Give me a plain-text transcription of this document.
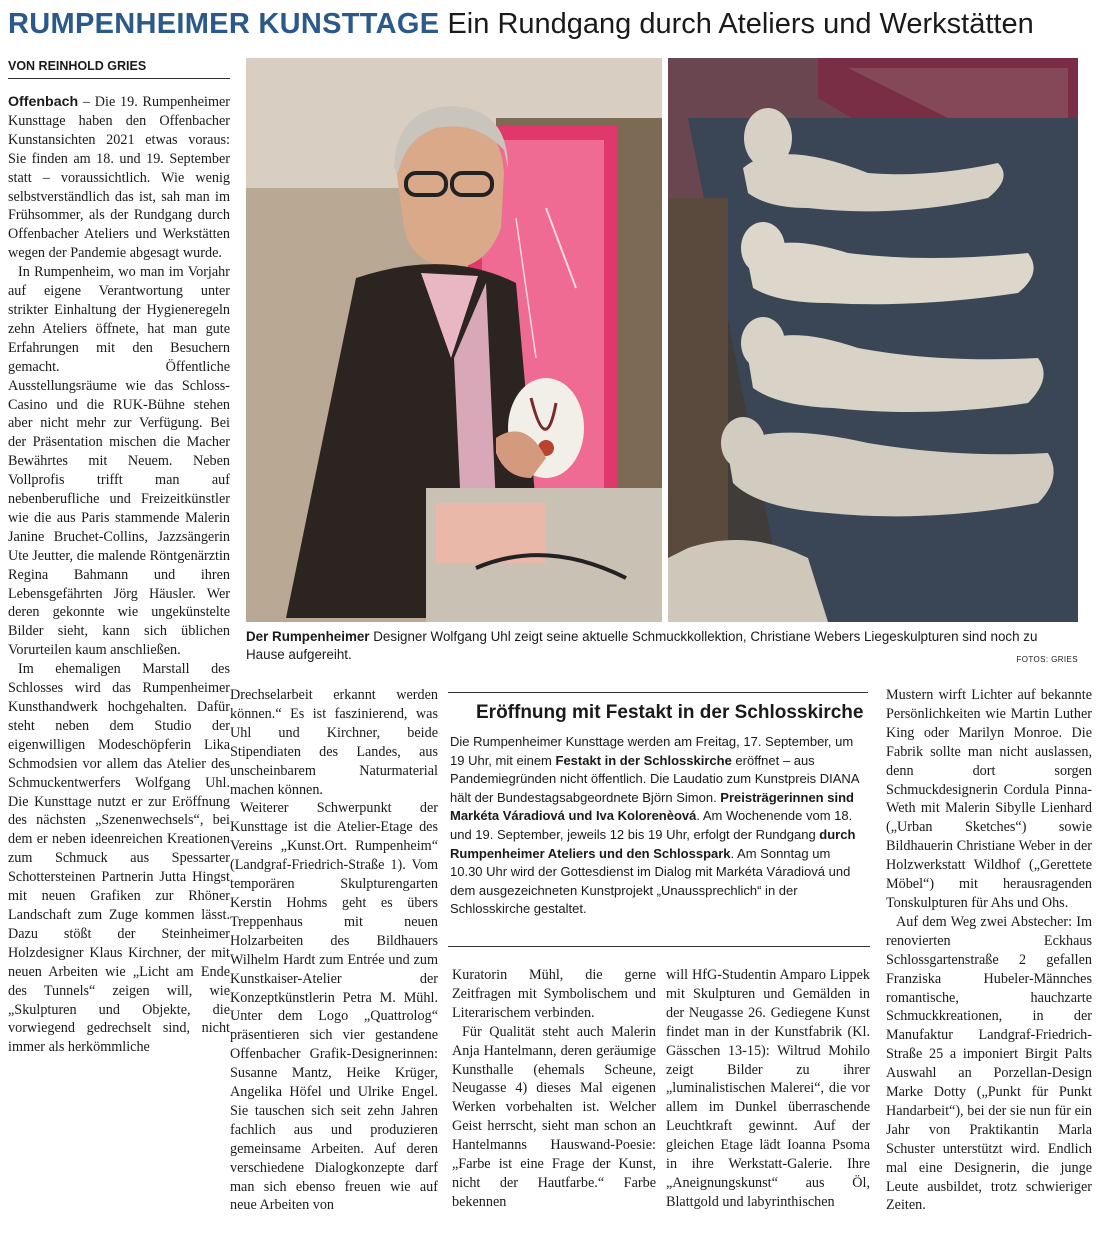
RUMPENHEIMER KUNSTTAGE Ein Rundgang durch Ateliers und Werkstätten
VON REINHOLD GRIES

Offenbach – Die 19. Rumpenheimer Kunsttage haben den Offenbacher Kunstansichten 2021 etwas voraus: Sie finden am 18. und 19. September statt – voraussichtlich. Wie wenig selbstverständlich das ist, sah man im Frühsommer, als der Rundgang durch Offenbacher Ateliers und Werkstätten wegen der Pandemie abgesagt wurde.

In Rumpenheim, wo man im Vorjahr auf eigene Verantwortung unter strikter Einhaltung der Hygieneregeln zehn Ateliers öffnete, hat man gute Erfahrungen mit den Besuchern gemacht. Öffentliche Ausstellungsräume wie das Schloss-Casino und die RUK-Bühne stehen aber nicht mehr zur Verfügung. Bei der Präsentation mischen die Macher Bewährtes mit Neuem. Neben Vollprofis trifft man auf nebenberufliche und Freizeitkünstler wie die aus Paris stammende Malerin Janine Bruchet-Collins, Jazzsängerin Ute Jeutter, die malende Röntgenärztin Regina Bahmann und ihren Lebensgefährten Jörg Häusler. Wer deren gekonnte wie ungekünstelte Bilder sieht, kann sich üblichen Vorurteilen kaum anschließen.

Im ehemaligen Marstall des Schlosses wird das Rumpenheimer Kunsthandwerk hochgehalten. Dafür steht neben dem Studio der eigenwilligen Modeschöpferin Lika Schmodsien vor allem das Atelier des Schmuckentwerfers Wolfgang Uhl. Die Kunsttage nutzt er zur Eröffnung des nächsten „Szenenwechsels“, bei dem er neben ideenreichen Kreationen zum Schmuck aus Spessarter Schottersteinen Partnerin Jutta Hingst mit neuen Grafiken zur Rhöner Landschaft zum Zuge kommen lässt. Dazu stößt der Steinheimer Holzdesigner Klaus Kirchner, der mit neuen Arbeiten wie „Licht am Ende des Tunnels“ zeigen will, wie „Skulpturen und Objekte, die vorwiegend gedrechselt sind, nicht immer als herkömmliche

Der Rumpenheimer Designer Wolfgang Uhl zeigt seine aktuelle Schmuckkollektion, Christiane Webers Liegeskulpturen sind noch zu Hause aufgereiht.	FOTOS: GRIES

Drechselarbeit erkannt werden können.“ Es ist faszinierend, was Uhl und Kirchner, beide Stipendiaten des Landes, aus unscheinbarem Naturmaterial machen können.

Weiterer Schwerpunkt der Kunsttage ist die Atelier-Etage des Vereins „Kunst.Ort. Rumpenheim“ (Landgraf-Friedrich-Straße 1). Vom temporären Skulpturengarten Kerstin Hohms geht es übers Treppenhaus mit neuen Holzarbeiten des Bildhauers Wilhelm Hardt zum Entrée und zum Kunstkaiser-Atelier der Konzeptkünstlerin Petra M. Mühl. Unter dem Logo „Quattrolog“ präsentieren sich vier gestandene Offenbacher Grafik-Designerinnen: Susanne Mantz, Heike Krüger, Angelika Höfel und Ulrike Engel. Sie tauschen sich seit zehn Jahren fachlich aus und produzieren gemeinsame Arbeiten. Auf deren verschiedene Dialogkonzepte darf man sich ebenso freuen wie auf neue Arbeiten von

Eröffnung mit Festakt in der Schlosskirche
Die Rumpenheimer Kunsttage werden am Freitag, 17. September, um 19 Uhr, mit einem Festakt in der Schlosskirche eröffnet – aus Pandemiegründen nicht öffentlich. Die Laudatio zum Kunstpreis DIANA hält der Bundestagsabgeordnete Björn Simon. Preisträgerinnen sind Markéta Váradiová und Iva Kolorenèová. Am Wochenende vom 18. und 19. September, jeweils 12 bis 19 Uhr, erfolgt der Rundgang durch Rumpenheimer Ateliers und den Schlosspark. Am Sonntag um 10.30 Uhr wird der Gottesdienst im Dialog mit Markéta Váradiová und dem ausgezeichneten Kunstprojekt „Unaussprechlich“ in der Schlosskirche gestaltet.

Kuratorin Mühl, die gerne Zeitfragen mit Symbolischem und Literarischem verbinden.

Für Qualität steht auch Malerin Anja Hantelmann, deren geräumige Kunsthalle (ehemals Scheune, Neugasse 4) dieses Mal eigenen Werken vorbehalten ist. Welcher Geist herrscht, sieht man schon an Hantelmanns Hauswand-Poesie: „Farbe ist eine Frage der Kunst, nicht der Hautfarbe.“ Farbe bekennen

will HfG-Studentin Amparo Lippek mit Skulpturen und Gemälden in der Neugasse 26. Gediegene Kunst findet man in der Kunstfabrik (Kl. Gässchen 13-15): Wiltrud Mohilo zeigt Bilder zu ihrer „luminalistischen Malerei“, die vor allem im Dunkel überraschende Leuchtkraft gewinnt. Auf der gleichen Etage lädt Ioanna Psoma in ihre Werkstatt-Galerie. Ihre „Aneignungskunst“ aus Öl, Blattgold und labyrinthischen

Mustern wirft Lichter auf bekannte Persönlichkeiten wie Martin Luther King oder Marilyn Monroe. Die Fabrik sollte man nicht auslassen, denn dort sorgen Schmuckdesignerin Cordula Pinna-Weth mit Malerin Sibylle Lienhard („Urban Sketches“) sowie Bildhauerin Christiane Weber in der Holzwerkstatt Wildhof („Gerettete Möbel“) mit herausragenden Tonskulpturen für Ahs und Ohs.

Auf dem Weg zwei Abstecher: Im renovierten Eckhaus Schlossgartenstraße 2 gefallen Franziska Hubeler-Männches romantische, hauchzarte Schmuckkreationen, in der Manufaktur Landgraf-Friedrich-Straße 25 a imponiert Birgit Palts Auswahl an Porzellan-Design Marke Dotty („Punkt für Punkt Handarbeit“), bei der sie nun für ein Jahr von Praktikantin Marla Schuster unterstützt wird. Endlich mal eine Designerin, die junge Leute ausbildet, trotz schwieriger Zeiten.
